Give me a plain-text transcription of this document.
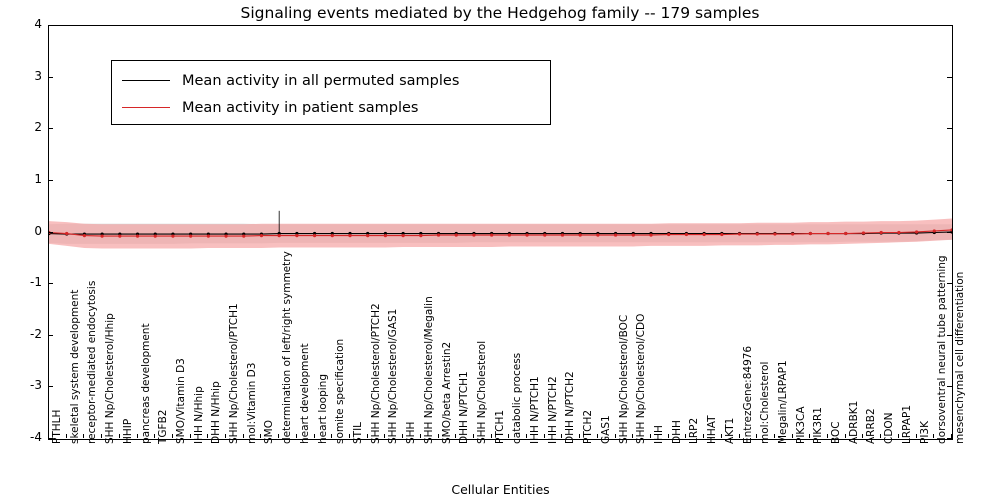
Signaling events mediated by the Hedgehog family -- 179 samples
Mean activity in all permuted samples
Mean activity in patient samples
-4
-3
-2
-1
0
1
2
3
4
PTHLH skeletal system development receptor-mediated endocytosis SHH Np/Cholesterol/Hhip HHIP pancreas development TGFB2 SMO/Vitamin D3 IHH N/Hhip DHH N/Hhip SHH Np/Cholesterol/PTCH1 mol:Vitamin D3 SMO determination of left/right symmetry heart development heart looping somite specification STIL SHH Np/Cholesterol/PTCH2 SHH Np/Cholesterol/GAS1 SHH SHH Np/Cholesterol/Megalin SMO/beta Arrestin2 DHH N/PTCH1 SHH Np/Cholesterol PTCH1 catabolic process IHH N/PTCH1 IHH N/PTCH2 DHH N/PTCH2 PTCH2 GAS1 SHH Np/Cholesterol/BOC SHH Np/Cholesterol/CDO IHH DHH LRP2 HHAT AKT1 EntrezGene:84976 mol:Cholesterol Megalin/LRPAP1 PIK3CA PIK3R1 BOC ADRBK1 ARRB2 CDON LRPAP1 PI3K dorsoventral neural tube patterning mesenchymal cell differentiation
Cellular Entities
